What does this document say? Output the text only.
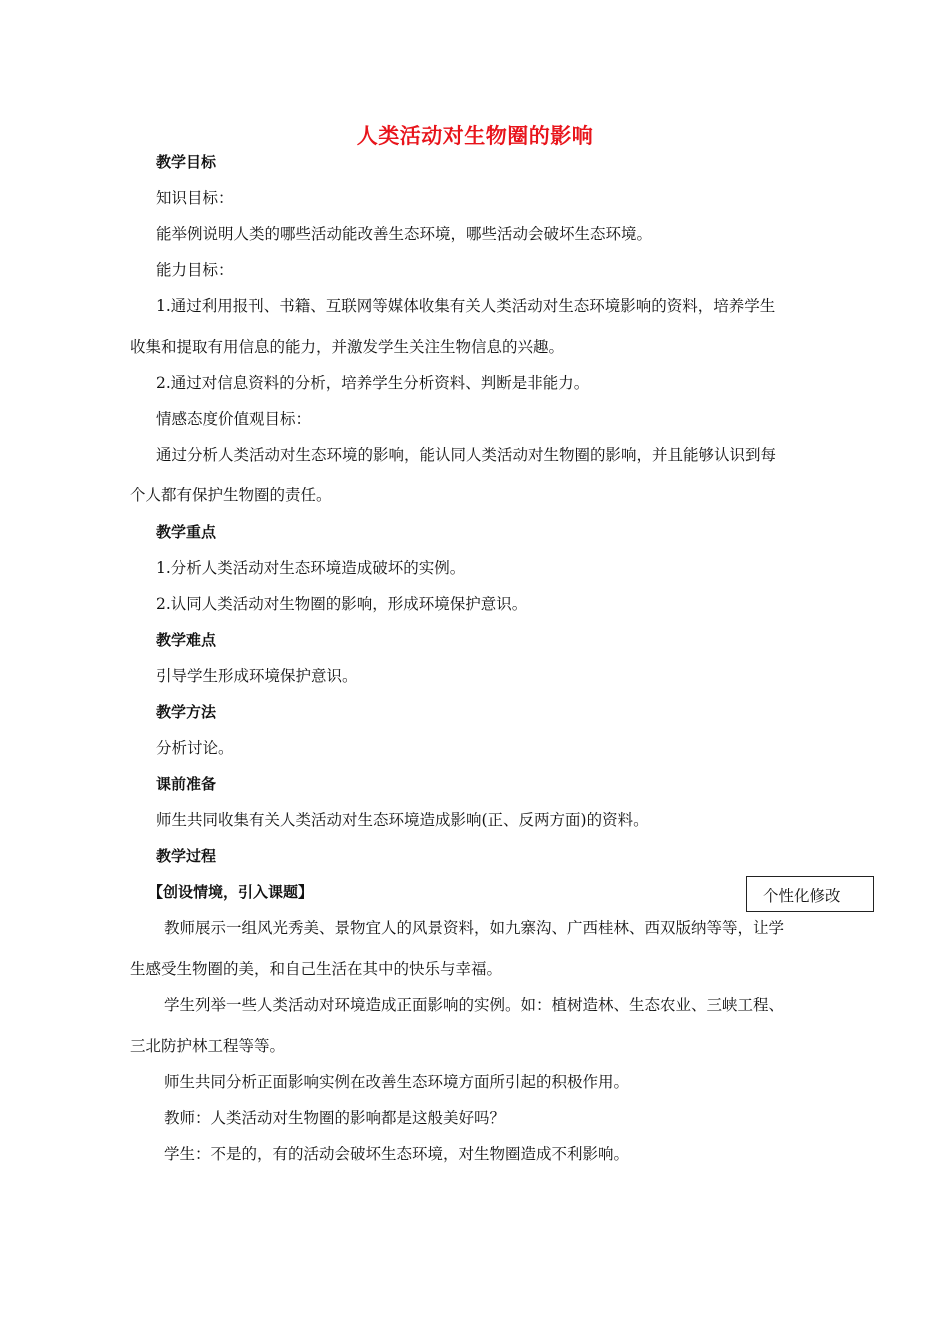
人类活动对生物圈的影响
教学目标
知识目标：
能举例说明人类的哪些活动能改善生态环境，哪些活动会破坏生态环境。
能力目标：
1.通过利用报刊、书籍、互联网等媒体收集有关人类活动对生态环境影响的资料，培养学生
收集和提取有用信息的能力，并激发学生关注生物信息的兴趣。
2.通过对信息资料的分析，培养学生分析资料、判断是非能力。
情感态度价值观目标：
通过分析人类活动对生态环境的影响，能认同人类活动对生物圈的影响，并且能够认识到每
个人都有保护生物圈的责任。
教学重点
1.分析人类活动对生态环境造成破坏的实例。
2.认同人类活动对生物圈的影响，形成环境保护意识。
教学难点
引导学生形成环境保护意识。
教学方法
分析讨论。
课前准备
师生共同收集有关人类活动对生态环境造成影响(正、反两方面)的资料。
教学过程
【创设情境，引入课题】	个性化修改
教师展示一组风光秀美、景物宜人的风景资料，如九寨沟、广西桂林、西双版纳等等，让学
生感受生物圈的美，和自己生活在其中的快乐与幸福。
学生列举一些人类活动对环境造成正面影响的实例。如：植树造林、生态农业、三峡工程、
三北防护林工程等等。
师生共同分析正面影响实例在改善生态环境方面所引起的积极作用。
教师：人类活动对生物圈的影响都是这般美好吗？
学生：不是的，有的活动会破坏生态环境，对生物圈造成不利影响。
